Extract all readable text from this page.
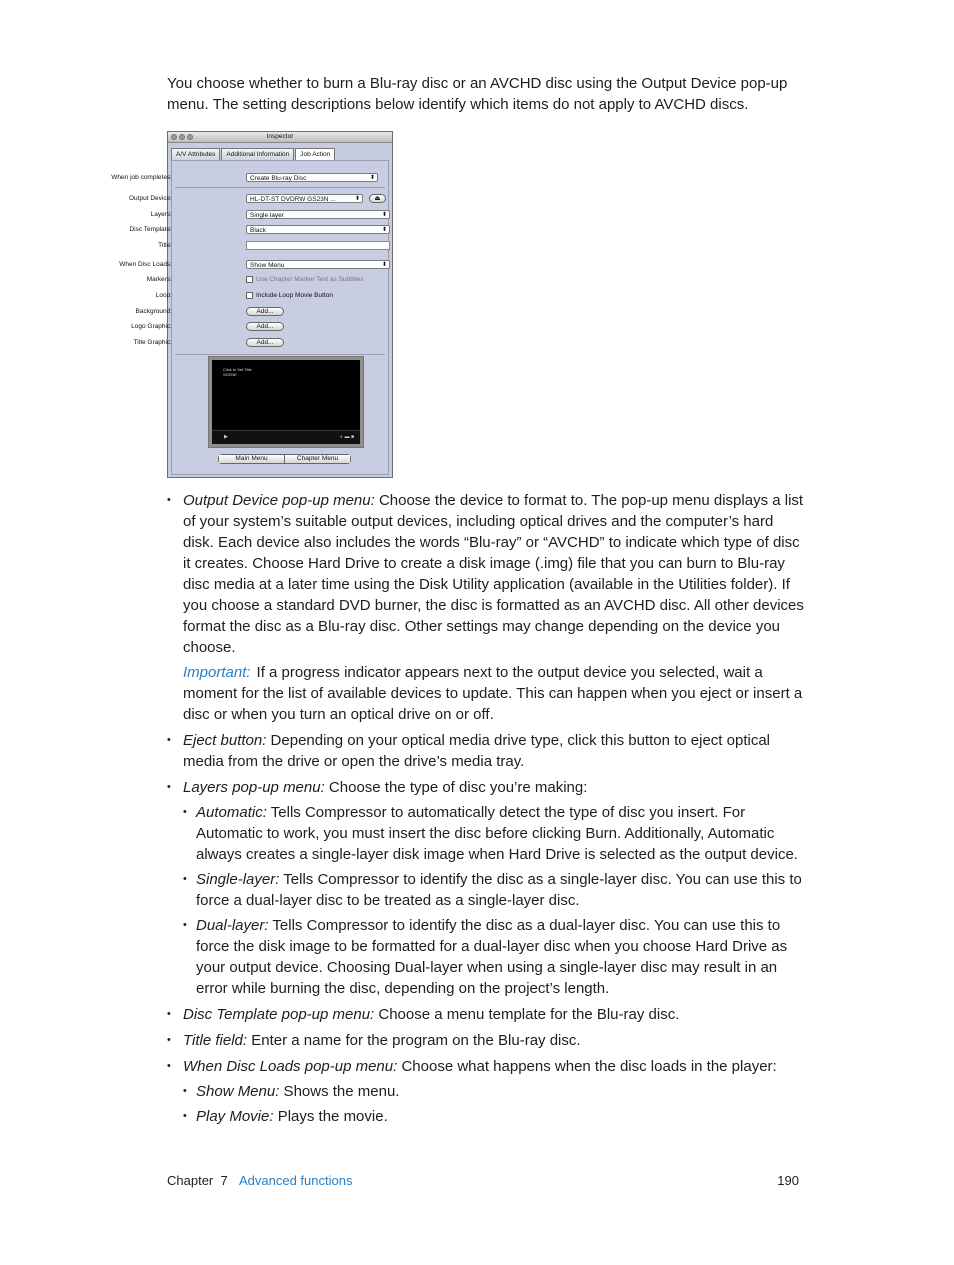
You choose whether to burn a Blu-ray disc or an AVCHD disc using the Output Device pop-up menu. The setting descriptions below identify which items do not apply to AVCHD discs.

Inspector
A/V Attributes	Additional Information	Job Action
When job completes:	Create Blu-ray Disc	⬍
Output Device:	HL-DT-ST DVDRW GS23N ...	⬍	⏏
Layers:	Single layer	⬍
Disc Template:	Black	⬍
Title:
When Disc Loads:	Show Menu	⬍
Markers:	Use Chapter Marker Text as Subtitles
Loop:	Include Loop Movie Button
Background:	Add...
Logo Graphic:	Add...
Title Graphic:	Add...
Click to Set Title
SCENE
▶	◐ ▬ ■
Main Menu	Chapter Menu
• Output Device pop-up menu: Choose the device to format to. The pop-up menu displays a list of your system’s suitable output devices, including optical drives and the computer’s hard disk. Each device also includes the words “Blu-ray” or “AVCHD” to indicate which type of disc it creates. Choose Hard Drive to create a disk image (.img) file that you can burn to Blu-ray disc media at a later time using the Disk Utility application (available in the Utilities folder). If you choose a standard DVD burner, the disc is formatted as an AVCHD disc. All other devices format the disc as a Blu-ray disc. Other settings may change depending on the device you choose.
Important: If a progress indicator appears next to the output device you selected, wait a moment for the list of available devices to update. This can happen when you eject or insert a disc or when you turn an optical drive on or off.
• Eject button: Depending on your optical media drive type, click this button to eject optical media from the drive or open the drive’s media tray.
• Layers pop-up menu: Choose the type of disc you’re making:
• Automatic: Tells Compressor to automatically detect the type of disc you insert. For Automatic to work, you must insert the disc before clicking Burn. Additionally, Automatic always creates a single-layer disk image when Hard Drive is selected as the output device.
• Single-layer: Tells Compressor to identify the disc as a single-layer disc. You can use this to force a dual-layer disc to be treated as a single-layer disc.
• Dual-layer: Tells Compressor to identify the disc as a dual-layer disc. You can use this to force the disk image to be formatted for a dual-layer disc when you choose Hard Drive as your output device. Choosing Dual-layer when using a single-layer disc may result in an error while burning the disc, depending on the project’s length.
• Disc Template pop-up menu: Choose a menu template for the Blu-ray disc.
• Title field: Enter a name for the program on the Blu-ray disc.
• When Disc Loads pop-up menu: Choose what happens when the disc loads in the player:
• Show Menu: Shows the menu.
• Play Movie: Plays the movie.
Chapter  7 Advanced functions	190
